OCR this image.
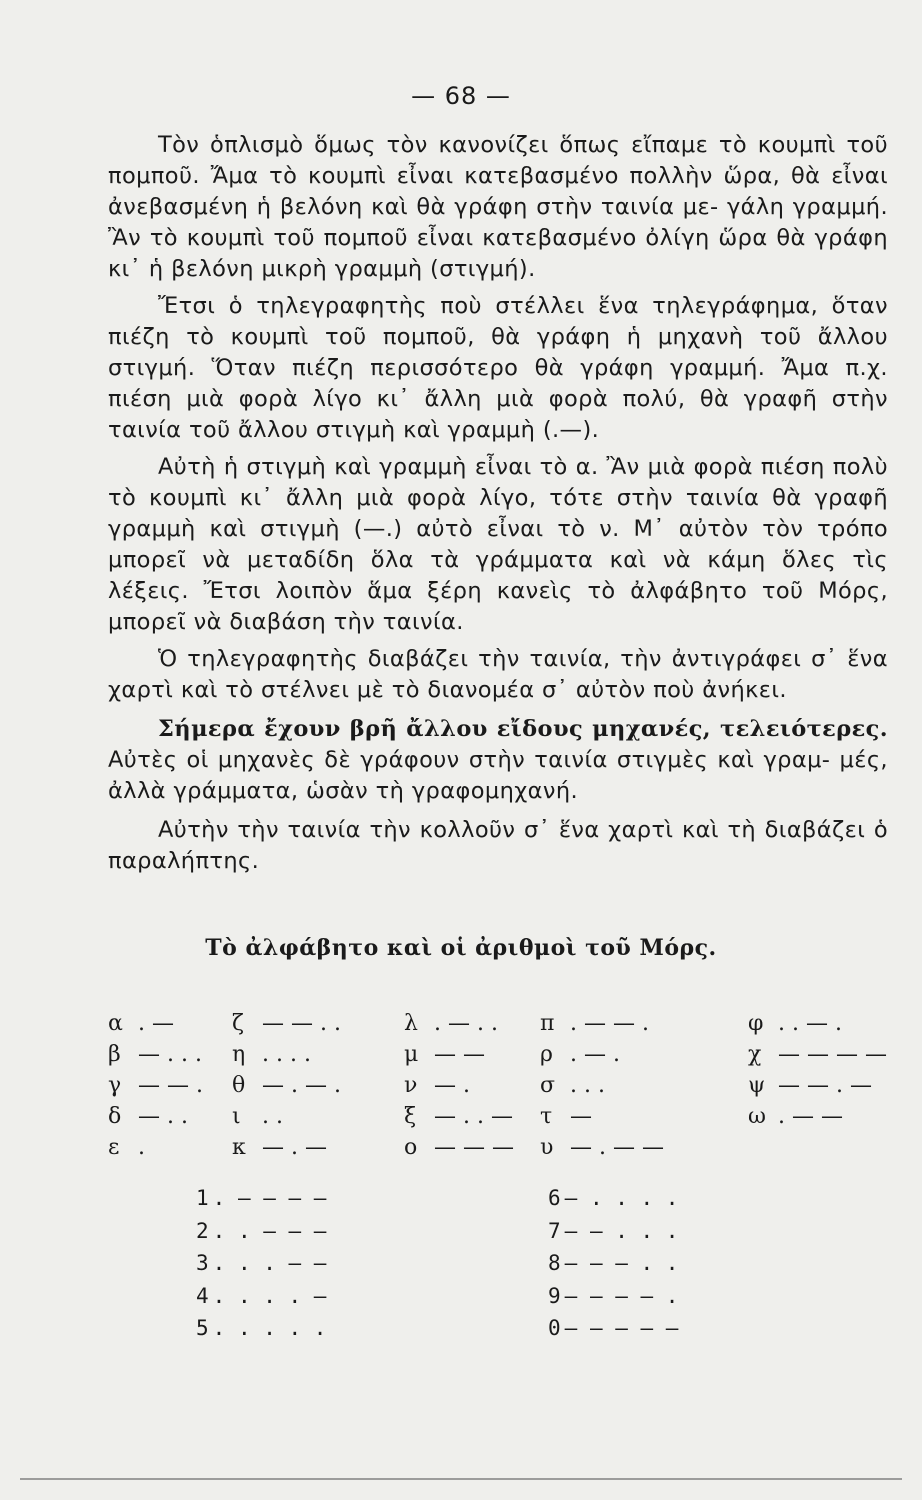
— 68 —

Τὸν ὁπλισμὸ ὅμως τὸν κανονίζει ὅπως εἴπαμε τὸ κουμπὶ τοῦ πομποῦ. Ἄμα τὸ κουμπὶ εἶναι κατεβασμένο πολλὴν ὥρα, θὰ εἶναι ἀνεβασμένη ἡ βελόνη καὶ θὰ γράφη στὴν ταινία με- γάλη γραμμή. Ἂν τὸ κουμπὶ τοῦ πομποῦ εἶναι κατεβασμένο ὀλίγη ὥρα θὰ γράφη κι᾽ ἡ βελόνη μικρὴ γραμμὴ (στιγμή).

Ἔτσι ὁ τηλεγραφητὴς ποὺ στέλλει ἕνα τηλεγράφημα, ὅταν πιέζη τὸ κουμπὶ τοῦ πομποῦ, θὰ γράφη ἡ μηχανὴ τοῦ ἄλλου στιγμή. Ὅταν πιέζη περισσότερο θὰ γράφη γραμμή. Ἄμα π.χ. πιέση μιὰ φορὰ λίγο κι᾽ ἄλλη μιὰ φορὰ πολύ, θὰ γραφῆ στὴν ταινία τοῦ ἄλλου στιγμὴ καὶ γραμμὴ (.—).

Αὐτὴ ἡ στιγμὴ καὶ γραμμὴ εἶναι τὸ α. Ἂν μιὰ φορὰ πιέση πολὺ τὸ κουμπὶ κι᾽ ἄλλη μιὰ φορὰ λίγο, τότε στὴν ταινία θὰ γραφῆ γραμμὴ καὶ στιγμὴ (—.) αὐτὸ εἶναι τὸ ν. Μ᾽ αὐτὸν τὸν τρόπο μπορεῖ νὰ μεταδίδη ὅλα τὰ γράμματα καὶ νὰ κάμη ὅλες τὶς λέξεις. Ἔτσι λοιπὸν ἅμα ξέρη κανεὶς τὸ ἀλφάβητο τοῦ Μόρς, μπορεῖ νὰ διαβάση τὴν ταινία.

Ὁ τηλεγραφητὴς διαβάζει τὴν ταινία, τὴν ἀντιγράφει σ᾽ ἕνα χαρτὶ καὶ τὸ στέλνει μὲ τὸ διανομέα σ᾽ αὐτὸν ποὺ ἀνήκει.

Σήμερα ἔχουν βρῆ ἄλλου εἴδους μηχανές, τελειότερες. Αὐτὲς οἱ μηχανὲς δὲ γράφουν στὴν ταινία στιγμὲς καὶ γραμ- μές, ἀλλὰ γράμματα, ὡσὰν τὴ γραφομηχανή.

Αὐτὴν τὴν ταινία τὴν κολλοῦν σ᾽ ἕνα χαρτὶ καὶ τὴ διαβάζει ὁ παραλήπτης.

Τὸ ἀλφάβητο καὶ οἱ ἀριθμοὶ τοῦ Μόρς.
α . —
β — . . .
γ — — .
δ — . .
ε .
ζ — — . .
η . . . .
θ — . — .
ι . .
κ — . —
λ . — . .
μ — —
ν — .
ξ — . . —
ο — — —
π . — — .
ρ . — .
σ . . .
τ —
υ — . — —
φ . . — .
χ — — — —
ψ — — . —
ω . — —
1 . — — — —
2 . . — — —
3 . . . — —
4 . . . . —
5 . . . . .
6 — . . . .
7 — — . . .
8 — — — . .
9 — — — — .
0 — — — — —
